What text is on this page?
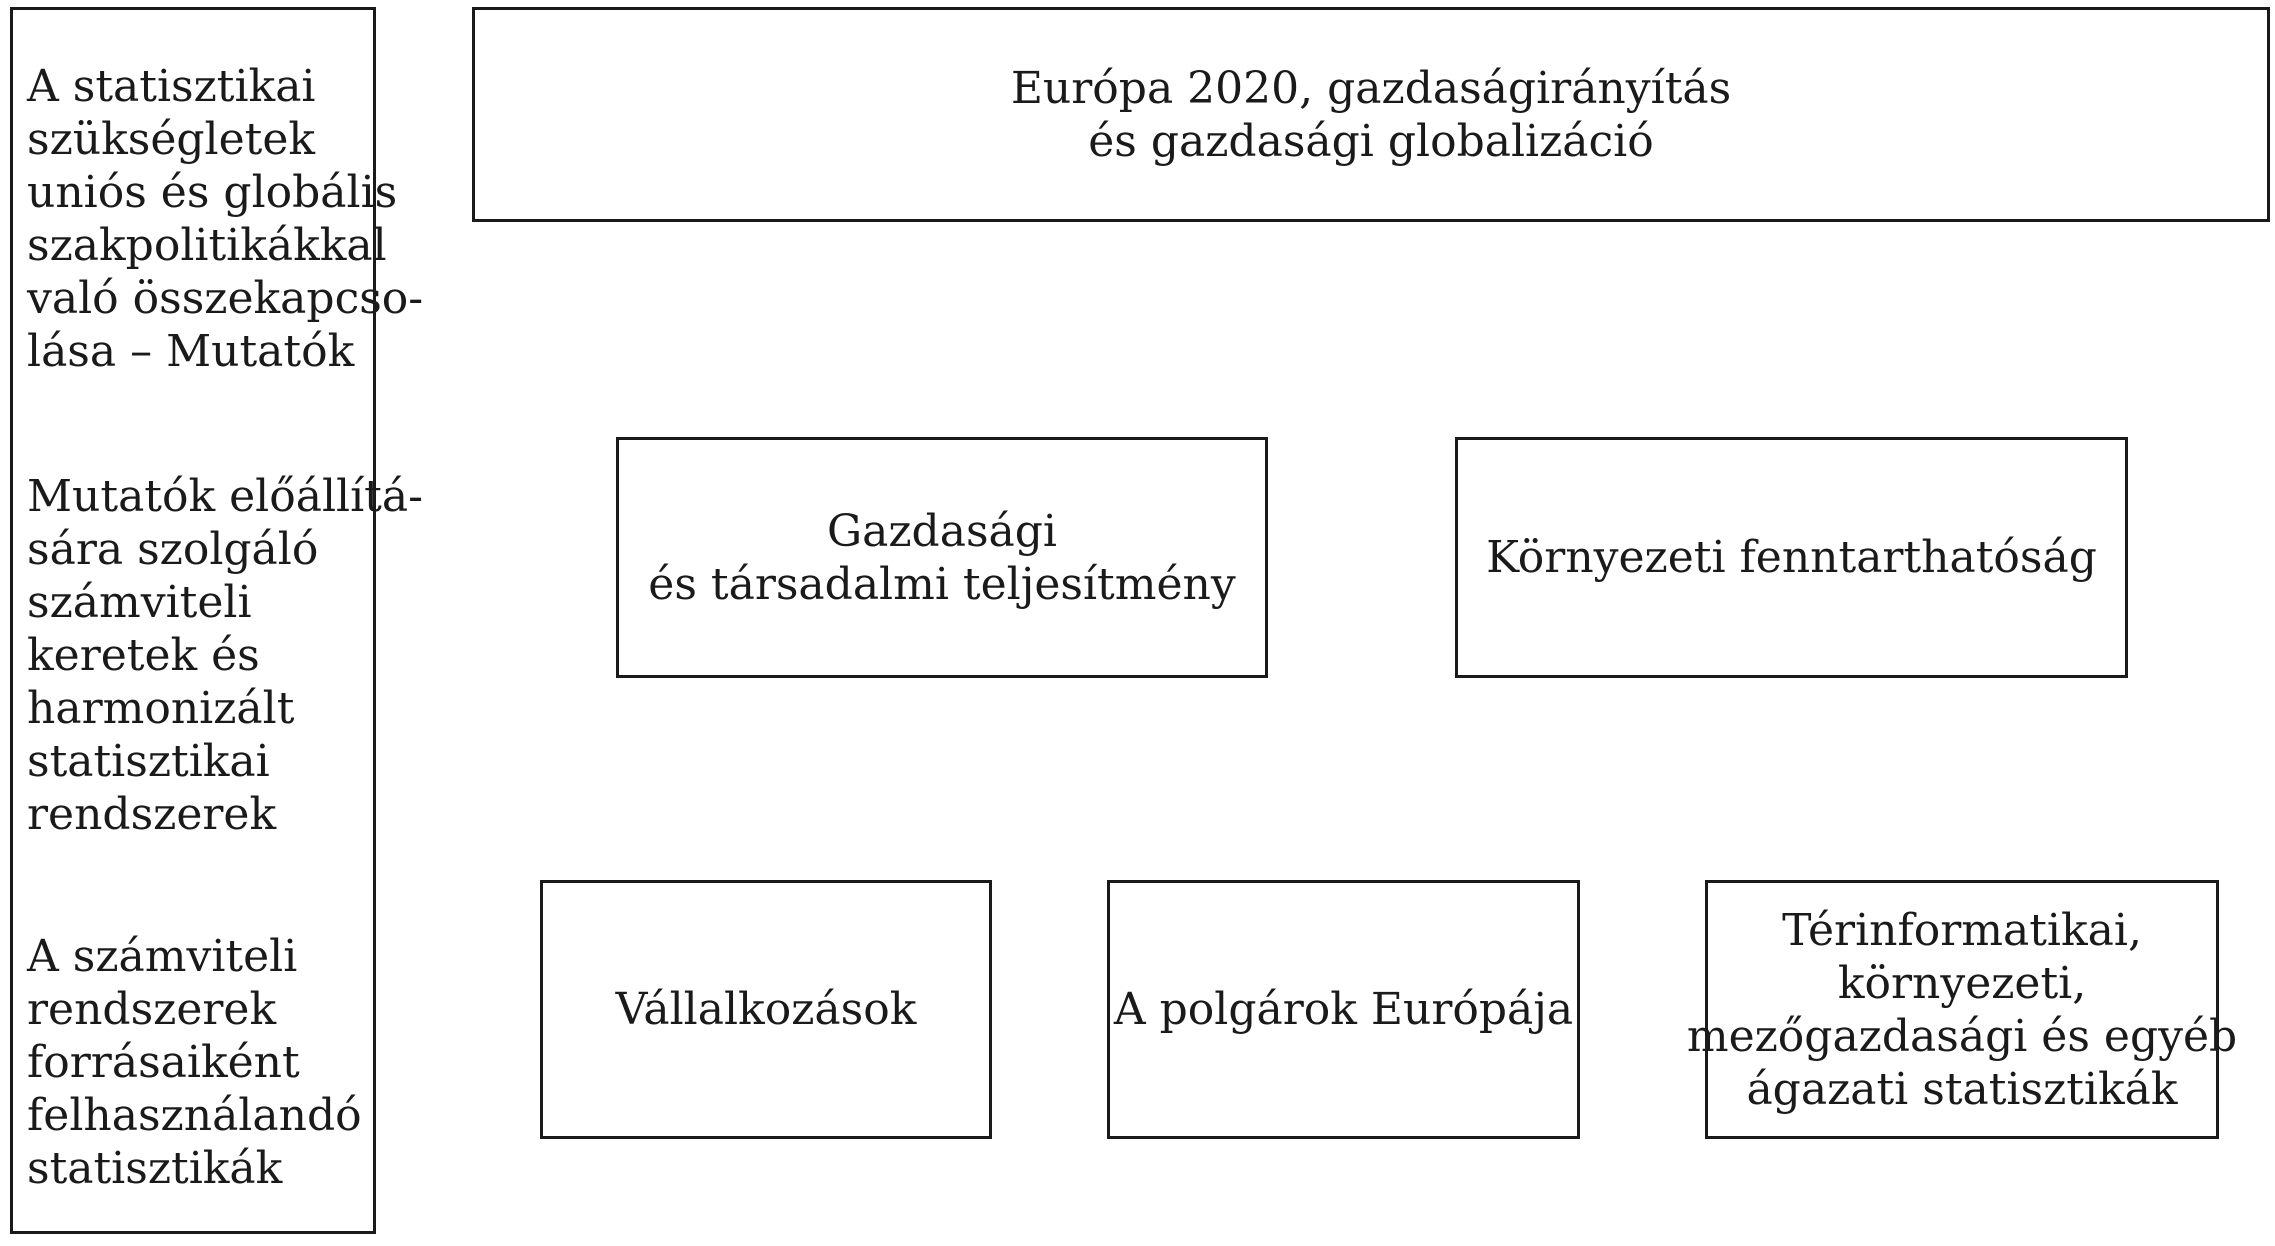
A statisztikai
szükségletek
uniós és globális
szakpolitikákkal
való összekapcso-
lása – Mutatók
Mutatók előállítá-
sára szolgáló
számviteli
keretek és
harmonizált
statisztikai
rendszerek
A számviteli
rendszerek
forrásaiként
felhasználandó
statisztikák
Európa 2020, gazdaságirányítás
és gazdasági globalizáció
Gazdasági
és társadalmi teljesítmény
Környezeti fenntarthatóság
Vállalkozások	A polgárok Európája
Térinformatikai,
környezeti,
mezőgazdasági és egyéb
ágazati statisztikák
